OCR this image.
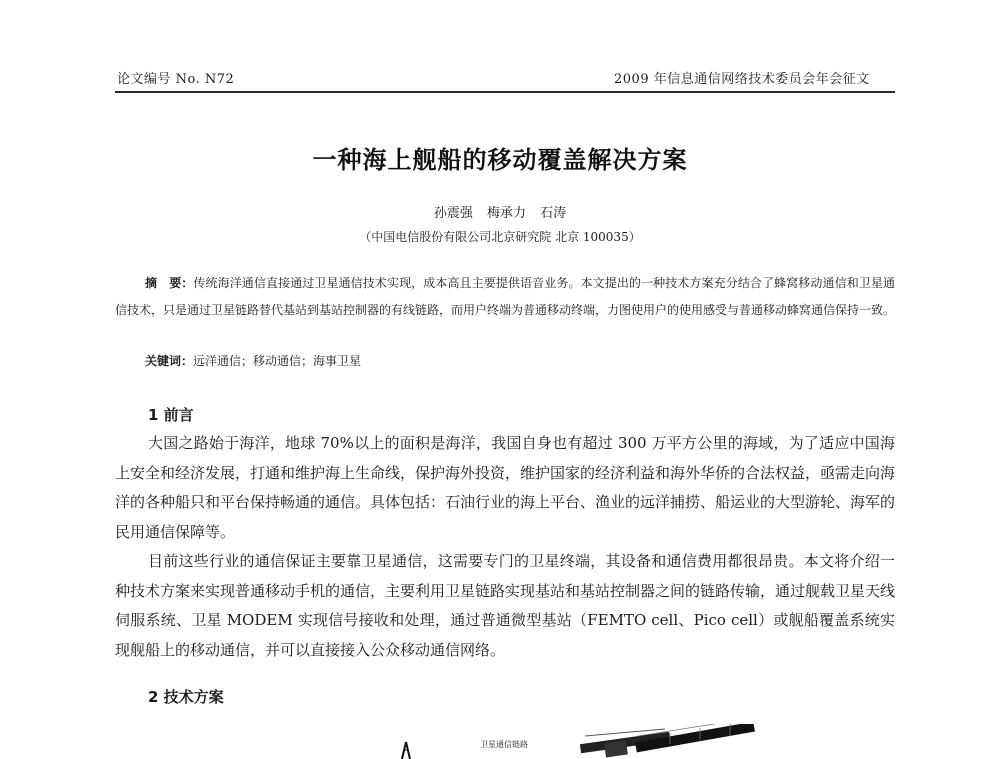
论文编号 No. N72	2009 年信息通信网络技术委员会年会征文
一种海上舰船的移动覆盖解决方案
孙震强 梅承力 石涛
（中国电信股份有限公司北京研究院 北京 100035）

摘　要：传统海洋通信直接通过卫星通信技术实现，成本高且主要提供语音业务。本文提出的一种技术方案充分结合了蜂窝移动通信和卫星通信技术，只是通过卫星链路替代基站到基站控制器的有线链路，而用户终端为普通移动终端，力图使用户的使用感受与普通移动蜂窝通信保持一致。

关键词：远洋通信；移动通信；海事卫星
1 前言

大国之路始于海洋，地球 70%以上的面积是海洋，我国自身也有超过 300 万平方公里的海域，为了适应中国海上安全和经济发展，打通和维护海上生命线，保护海外投资，维护国家的经济利益和海外华侨的合法权益，亟需走向海洋的各种船只和平台保持畅通的通信。具体包括：石油行业的海上平台、渔业的远洋捕捞、船运业的大型游轮、海军的民用通信保障等。

目前这些行业的通信保证主要靠卫星通信，这需要专门的卫星终端，其设备和通信费用都很昂贵。本文将介绍一种技术方案来实现普通移动手机的通信，主要利用卫星链路实现基站和基站控制器之间的链路传输，通过舰载卫星天线伺服系统、卫星 MODEM 实现信号接收和处理，通过普通微型基站（FEMTO cell、Pico cell）或舰船覆盖系统实现舰船上的移动通信，并可以直接接入公众移动通信网络。

2 技术方案
卫星通信链路
